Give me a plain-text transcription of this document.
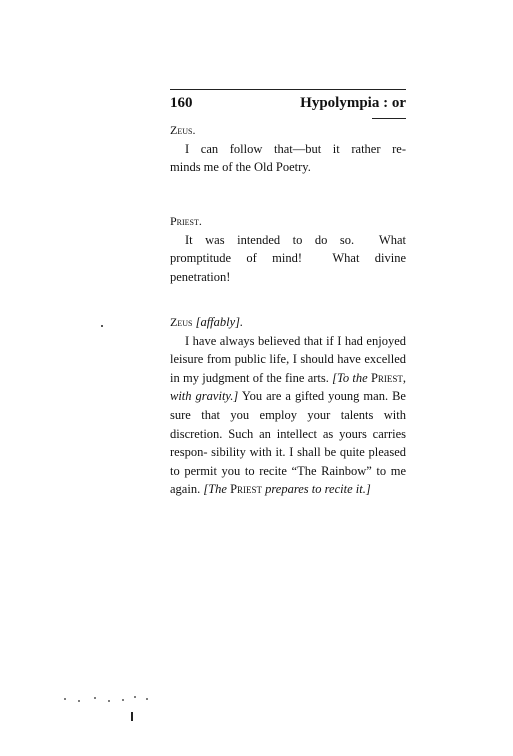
160	Hypolympia : or
Zeus.
I can follow that—but it rather re-
minds me of the Old Poetry.
Priest.
It was intended to do so.  What
promptitude of mind!  What divine
penetration!
Zeus [affably].
I have always believed that if I had enjoyed leisure from public life, I should have excelled in my judgment of the fine arts. [To the Priest, with gravity.] You are a gifted young man. Be sure that you employ your talents with discretion. Such an intellect as yours carries respon- sibility with it. I shall be quite pleased to permit you to recite “The Rainbow” to me again. [The Priest prepares to recite it.]
